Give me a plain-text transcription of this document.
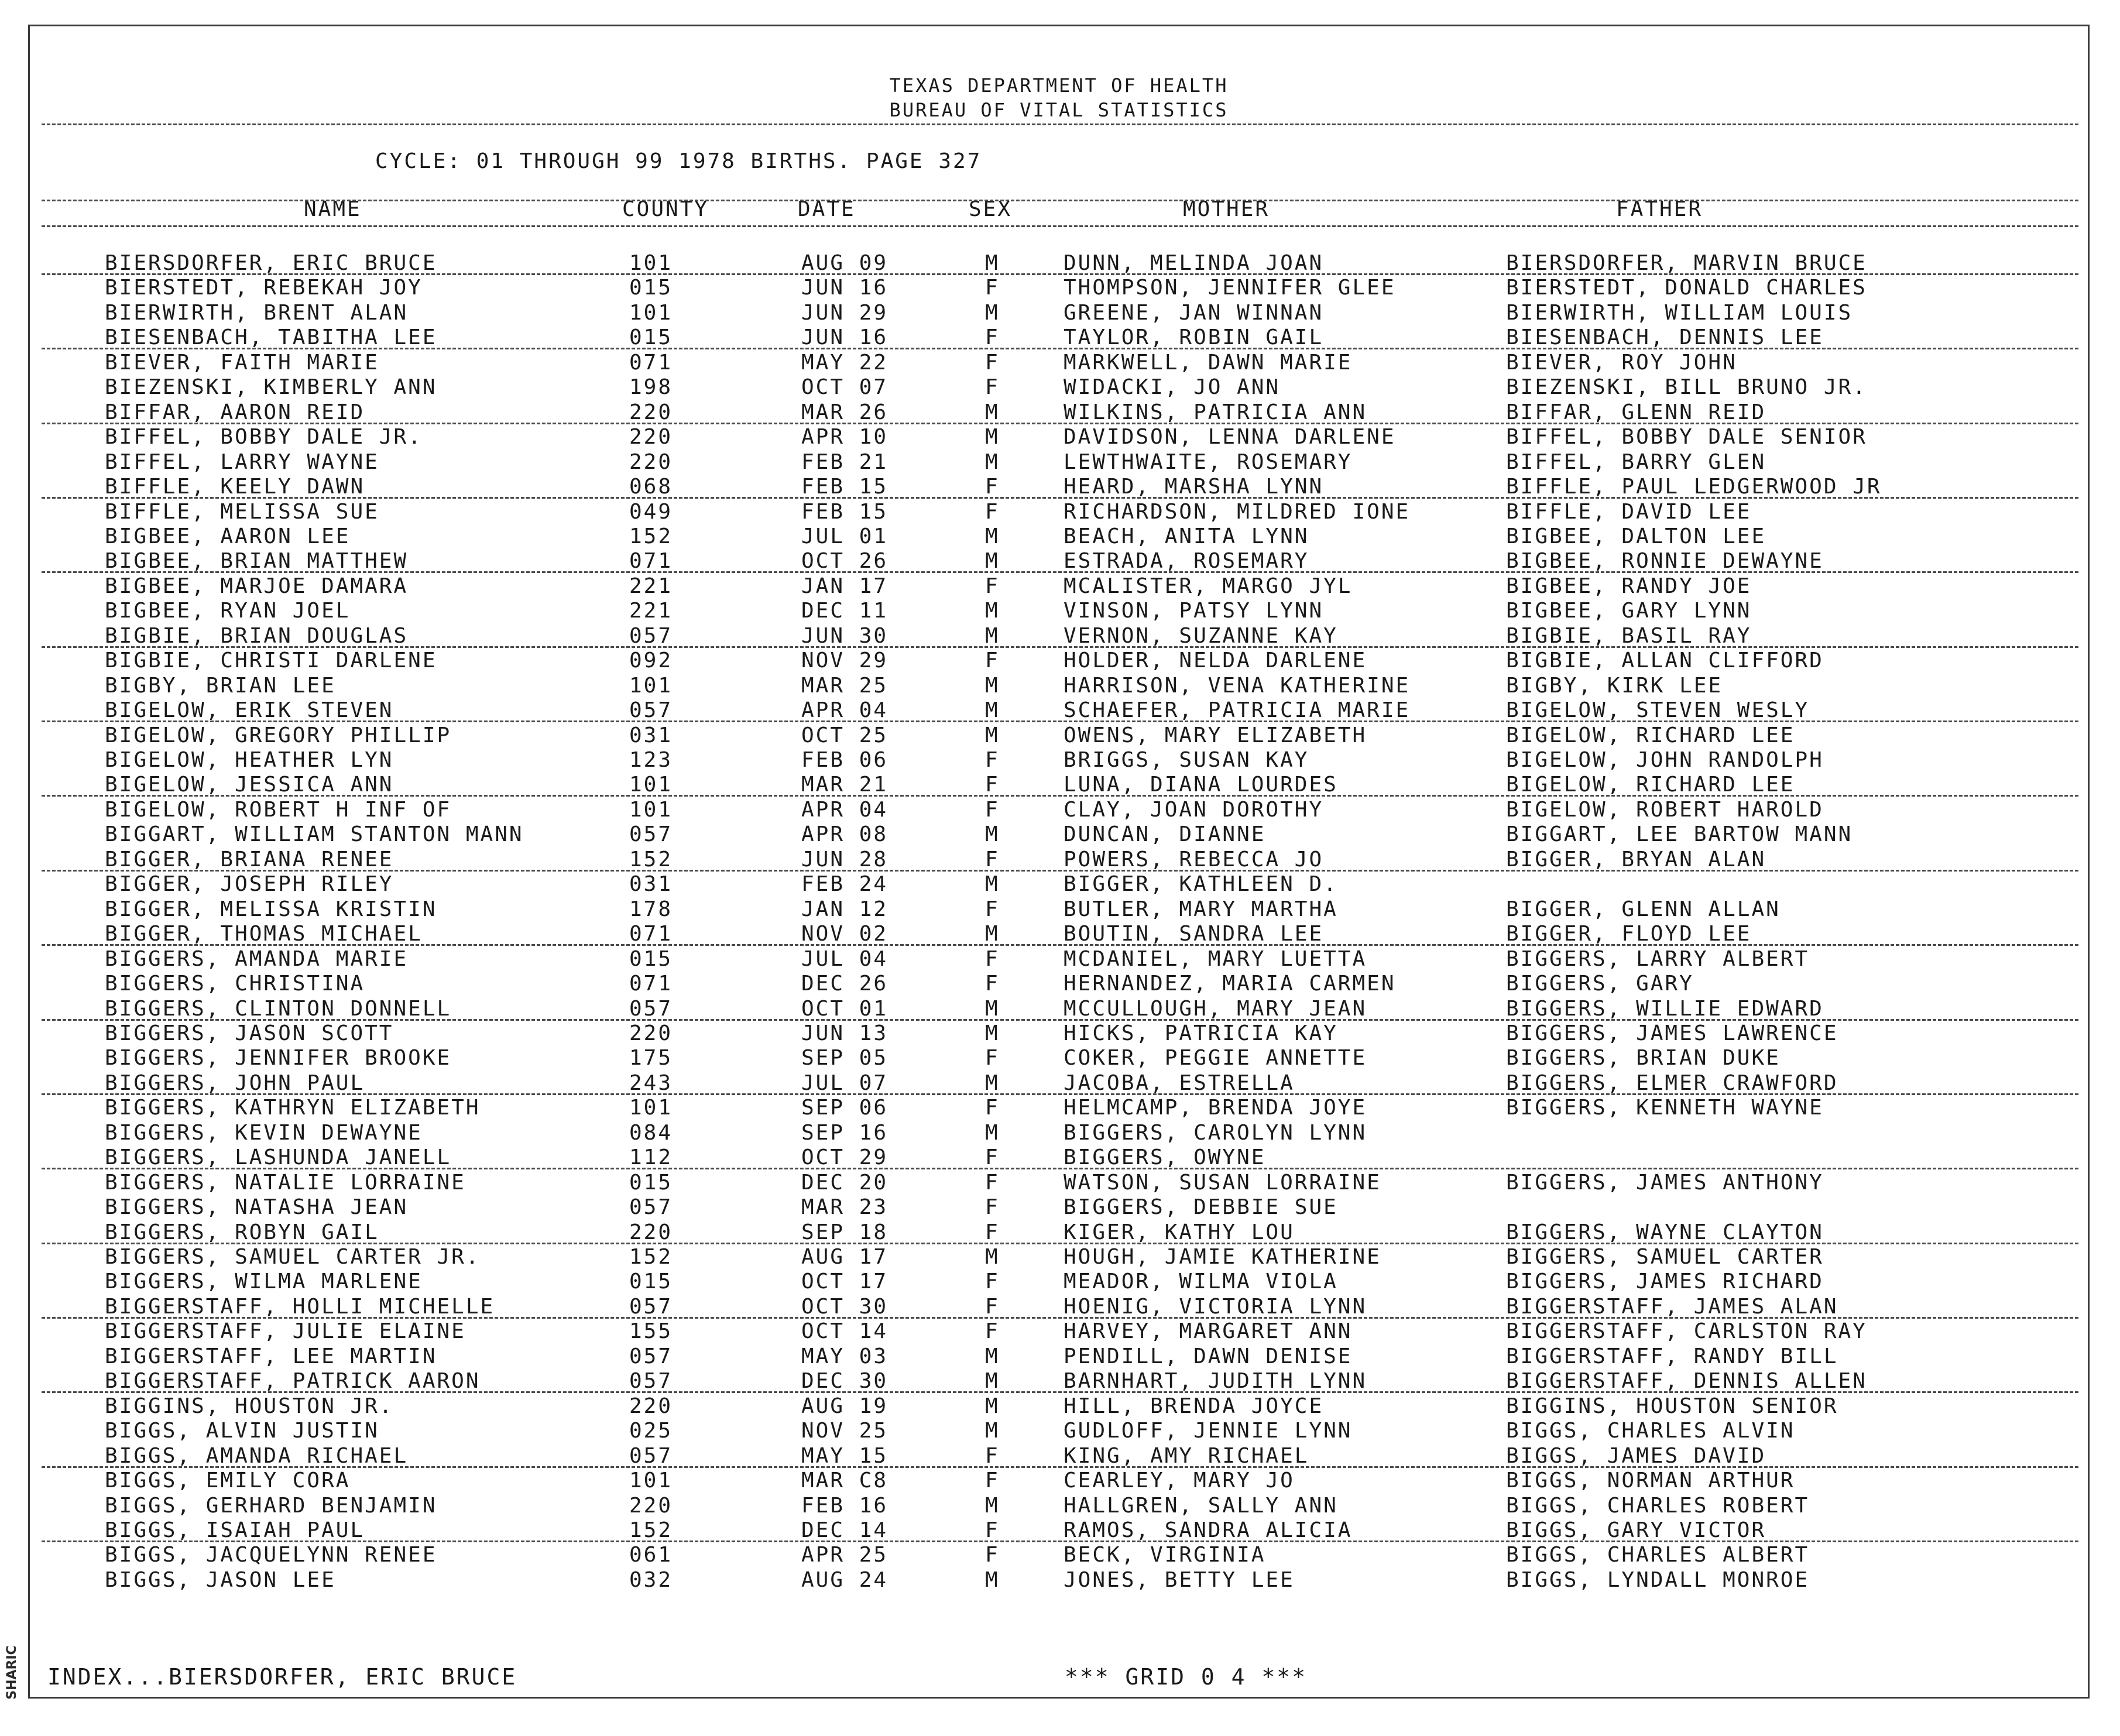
TEXAS DEPARTMENT OF HEALTH
BUREAU OF VITAL STATISTICS
CYCLE: 01 THROUGH 99 1978 BIRTHS. PAGE 327
NAME	COUNTY	DATE	SEX	MOTHER	FATHER
BIERSDORFER, ERIC BRUCE	101	AUG 09	M	DUNN, MELINDA JOAN	BIERSDORFER, MARVIN BRUCE
BIERSTEDT, REBEKAH JOY	015	JUN 16	F	THOMPSON, JENNIFER GLEE	BIERSTEDT, DONALD CHARLES
BIERWIRTH, BRENT ALAN	101	JUN 29	M	GREENE, JAN WINNAN	BIERWIRTH, WILLIAM LOUIS
BIESENBACH, TABITHA LEE	015	JUN 16	F	TAYLOR, ROBIN GAIL	BIESENBACH, DENNIS LEE
BIEVER, FAITH MARIE	071	MAY 22	F	MARKWELL, DAWN MARIE	BIEVER, ROY JOHN
BIEZENSKI, KIMBERLY ANN	198	OCT 07	F	WIDACKI, JO ANN	BIEZENSKI, BILL BRUNO JR.
BIFFAR, AARON REID	220	MAR 26	M	WILKINS, PATRICIA ANN	BIFFAR, GLENN REID
BIFFEL, BOBBY DALE JR.	220	APR 10	M	DAVIDSON, LENNA DARLENE	BIFFEL, BOBBY DALE SENIOR
BIFFEL, LARRY WAYNE	220	FEB 21	M	LEWTHWAITE, ROSEMARY	BIFFEL, BARRY GLEN
BIFFLE, KEELY DAWN	068	FEB 15	F	HEARD, MARSHA LYNN	BIFFLE, PAUL LEDGERWOOD JR
BIFFLE, MELISSA SUE	049	FEB 15	F	RICHARDSON, MILDRED IONE	BIFFLE, DAVID LEE
BIGBEE, AARON LEE	152	JUL 01	M	BEACH, ANITA LYNN	BIGBEE, DALTON LEE
BIGBEE, BRIAN MATTHEW	071	OCT 26	M	ESTRADA, ROSEMARY	BIGBEE, RONNIE DEWAYNE
BIGBEE, MARJOE DAMARA	221	JAN 17	F	MCALISTER, MARGO JYL	BIGBEE, RANDY JOE
BIGBEE, RYAN JOEL	221	DEC 11	M	VINSON, PATSY LYNN	BIGBEE, GARY LYNN
BIGBIE, BRIAN DOUGLAS	057	JUN 30	M	VERNON, SUZANNE KAY	BIGBIE, BASIL RAY
BIGBIE, CHRISTI DARLENE	092	NOV 29	F	HOLDER, NELDA DARLENE	BIGBIE, ALLAN CLIFFORD
BIGBY, BRIAN LEE	101	MAR 25	M	HARRISON, VENA KATHERINE	BIGBY, KIRK LEE
BIGELOW, ERIK STEVEN	057	APR 04	M	SCHAEFER, PATRICIA MARIE	BIGELOW, STEVEN WESLY
BIGELOW, GREGORY PHILLIP	031	OCT 25	M	OWENS, MARY ELIZABETH	BIGELOW, RICHARD LEE
BIGELOW, HEATHER LYN	123	FEB 06	F	BRIGGS, SUSAN KAY	BIGELOW, JOHN RANDOLPH
BIGELOW, JESSICA ANN	101	MAR 21	F	LUNA, DIANA LOURDES	BIGELOW, RICHARD LEE
BIGELOW, ROBERT H INF OF	101	APR 04	F	CLAY, JOAN DOROTHY	BIGELOW, ROBERT HAROLD
BIGGART, WILLIAM STANTON MANN	057	APR 08	M	DUNCAN, DIANNE	BIGGART, LEE BARTOW MANN
BIGGER, BRIANA RENEE	152	JUN 28	F	POWERS, REBECCA JO	BIGGER, BRYAN ALAN
BIGGER, JOSEPH RILEY	031	FEB 24	M	BIGGER, KATHLEEN D.
BIGGER, MELISSA KRISTIN	178	JAN 12	F	BUTLER, MARY MARTHA	BIGGER, GLENN ALLAN
BIGGER, THOMAS MICHAEL	071	NOV 02	M	BOUTIN, SANDRA LEE	BIGGER, FLOYD LEE
BIGGERS, AMANDA MARIE	015	JUL 04	F	MCDANIEL, MARY LUETTA	BIGGERS, LARRY ALBERT
BIGGERS, CHRISTINA	071	DEC 26	F	HERNANDEZ, MARIA CARMEN	BIGGERS, GARY
BIGGERS, CLINTON DONNELL	057	OCT 01	M	MCCULLOUGH, MARY JEAN	BIGGERS, WILLIE EDWARD
BIGGERS, JASON SCOTT	220	JUN 13	M	HICKS, PATRICIA KAY	BIGGERS, JAMES LAWRENCE
BIGGERS, JENNIFER BROOKE	175	SEP 05	F	COKER, PEGGIE ANNETTE	BIGGERS, BRIAN DUKE
BIGGERS, JOHN PAUL	243	JUL 07	M	JACOBA, ESTRELLA	BIGGERS, ELMER CRAWFORD
BIGGERS, KATHRYN ELIZABETH	101	SEP 06	F	HELMCAMP, BRENDA JOYE	BIGGERS, KENNETH WAYNE
BIGGERS, KEVIN DEWAYNE	084	SEP 16	M	BIGGERS, CAROLYN LYNN
BIGGERS, LASHUNDA JANELL	112	OCT 29	F	BIGGERS, OWYNE
BIGGERS, NATALIE LORRAINE	015	DEC 20	F	WATSON, SUSAN LORRAINE	BIGGERS, JAMES ANTHONY
BIGGERS, NATASHA JEAN	057	MAR 23	F	BIGGERS, DEBBIE SUE
BIGGERS, ROBYN GAIL	220	SEP 18	F	KIGER, KATHY LOU	BIGGERS, WAYNE CLAYTON
BIGGERS, SAMUEL CARTER JR.	152	AUG 17	M	HOUGH, JAMIE KATHERINE	BIGGERS, SAMUEL CARTER
BIGGERS, WILMA MARLENE	015	OCT 17	F	MEADOR, WILMA VIOLA	BIGGERS, JAMES RICHARD
BIGGERSTAFF, HOLLI MICHELLE	057	OCT 30	F	HOENIG, VICTORIA LYNN	BIGGERSTAFF, JAMES ALAN
BIGGERSTAFF, JULIE ELAINE	155	OCT 14	F	HARVEY, MARGARET ANN	BIGGERSTAFF, CARLSTON RAY
BIGGERSTAFF, LEE MARTIN	057	MAY 03	M	PENDILL, DAWN DENISE	BIGGERSTAFF, RANDY BILL
BIGGERSTAFF, PATRICK AARON	057	DEC 30	M	BARNHART, JUDITH LYNN	BIGGERSTAFF, DENNIS ALLEN
BIGGINS, HOUSTON JR.	220	AUG 19	M	HILL, BRENDA JOYCE	BIGGINS, HOUSTON SENIOR
BIGGS, ALVIN JUSTIN	025	NOV 25	M	GUDLOFF, JENNIE LYNN	BIGGS, CHARLES ALVIN
BIGGS, AMANDA RICHAEL	057	MAY 15	F	KING, AMY RICHAEL	BIGGS, JAMES DAVID
BIGGS, EMILY CORA	101	MAR C8	F	CEARLEY, MARY JO	BIGGS, NORMAN ARTHUR
BIGGS, GERHARD BENJAMIN	220	FEB 16	M	HALLGREN, SALLY ANN	BIGGS, CHARLES ROBERT
BIGGS, ISAIAH PAUL	152	DEC 14	F	RAMOS, SANDRA ALICIA	BIGGS, GARY VICTOR
BIGGS, JACQUELYNN RENEE	061	APR 25	F	BECK, VIRGINIA	BIGGS, CHARLES ALBERT
BIGGS, JASON LEE	032	AUG 24	M	JONES, BETTY LEE	BIGGS, LYNDALL MONROE
INDEX...BIERSDORFER, ERIC BRUCE	*** GRID 0 4 ***
SHARIC
